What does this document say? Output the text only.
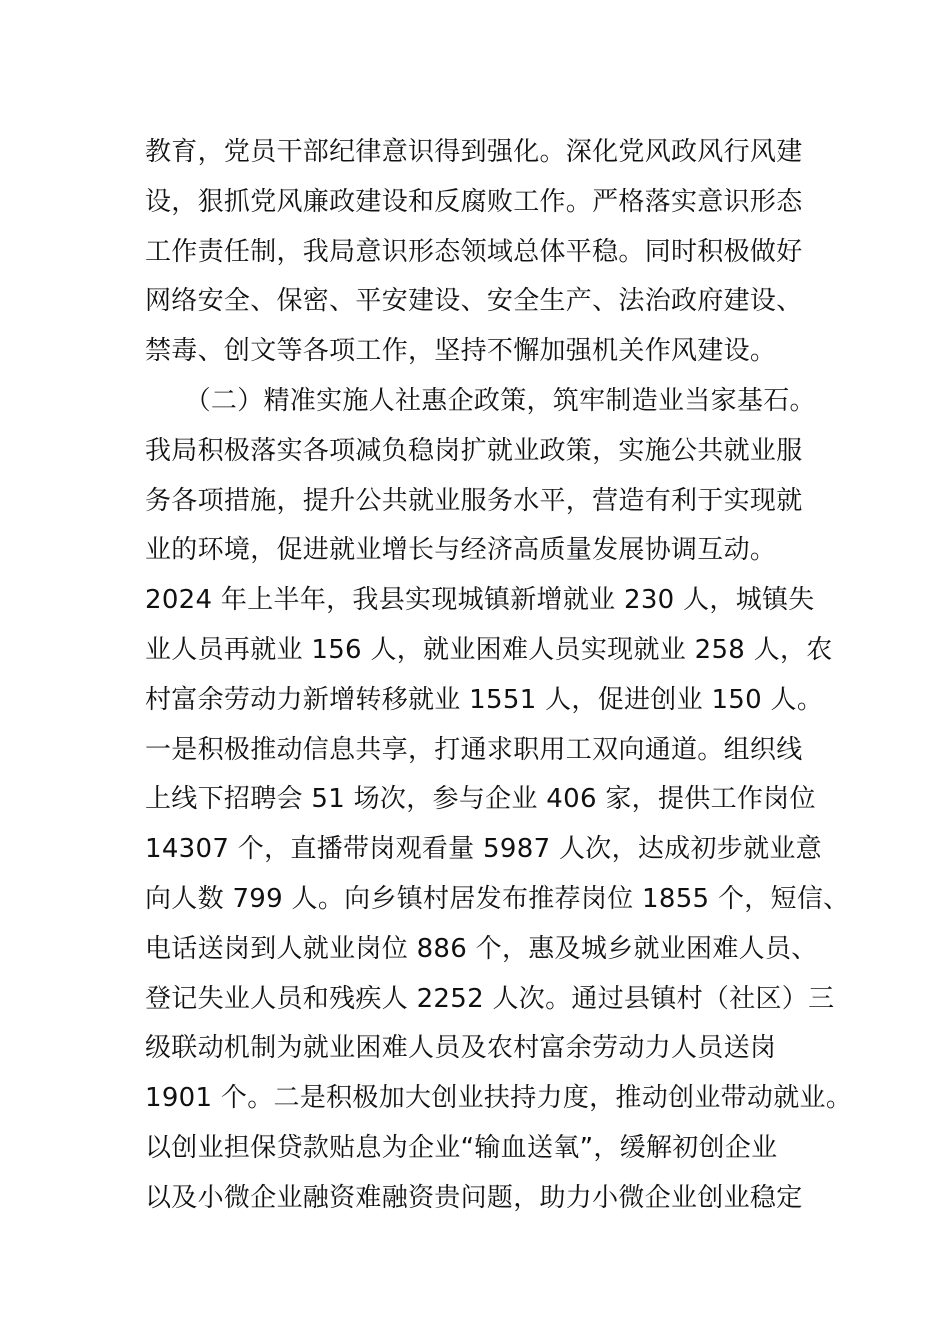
教育，党员干部纪律意识得到强化。深化党风政风行风建
设，狠抓党风廉政建设和反腐败工作。严格落实意识形态
工作责任制，我局意识形态领域总体平稳。同时积极做好
网络安全、保密、平安建设、安全生产、法治政府建设、
禁毒、创文等各项工作，坚持不懈加强机关作风建设。
　　（二）精准实施人社惠企政策，筑牢制造业当家基石。
我局积极落实各项减负稳岗扩就业政策，实施公共就业服
务各项措施，提升公共就业服务水平，营造有利于实现就
业的环境，促进就业增长与经济高质量发展协调互动。
2024 年上半年，我县实现城镇新增就业 230 人，城镇失
业人员再就业 156 人，就业困难人员实现就业 258 人，农
村富余劳动力新增转移就业 1551 人，促进创业 150 人。
一是积极推动信息共享，打通求职用工双向通道。组织线
上线下招聘会 51 场次，参与企业 406 家，提供工作岗位
14307 个，直播带岗观看量 5987 人次，达成初步就业意
向人数 799 人。向乡镇村居发布推荐岗位 1855 个，短信、
电话送岗到人就业岗位 886 个，惠及城乡就业困难人员、
登记失业人员和残疾人 2252 人次。通过县镇村（社区）三
级联动机制为就业困难人员及农村富余劳动力人员送岗
1901 个。二是积极加大创业扶持力度，推动创业带动就业。
以创业担保贷款贴息为企业“输血送氧”，缓解初创企业
以及小微企业融资难融资贵问题，助力小微企业创业稳定
